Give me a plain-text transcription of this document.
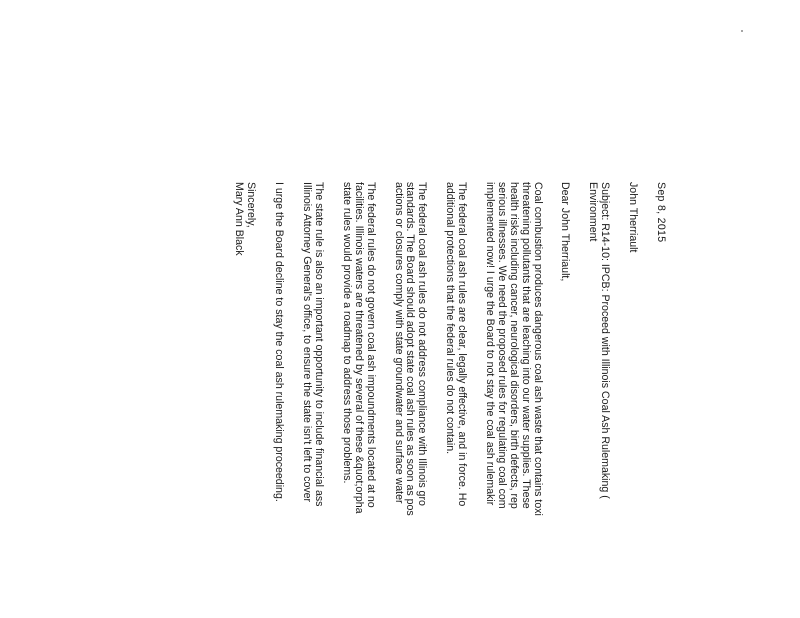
Sep 8, 2015
John Therriault
Subject: R14-10: IPCB: Proceed with Illinois Coal Ash Rulemaking (
Environment
Dear John Therriault,
Coal combustion produces dangerous coal ash waste that contains toxi
threatening pollutants that are leaching into our water supplies. These
health risks including cancer, neurological disorders, birth defects, rep
serious illnesses. We need the proposed rules for regulating coal com
implemented now! I urge the Board to not stay the coal ash rulemakir
The federal coal ash rules are clear, legally effective, and in force. Ho
additional protections that the federal rules do not contain.
The federal coal ash rules do not address compliance with Illinois gro
standards. The Board should adopt state coal ash rules as soon as pos
actions or closures comply with state groundwater and surface water
The federal rules do not govern coal ash impoundments located at no
facilities. Illinois waters are threatened by several of these &quot;orpha
state rules would provide a roadmap to address those problems.
The state rule is also an important opportunity to include financial ass
Illinois Attorney General's office, to ensure the state isn't left to cover
I urge the Board decline to stay the coal ash rulemaking proceeding.
Sincerely,
Mary Ann Black
